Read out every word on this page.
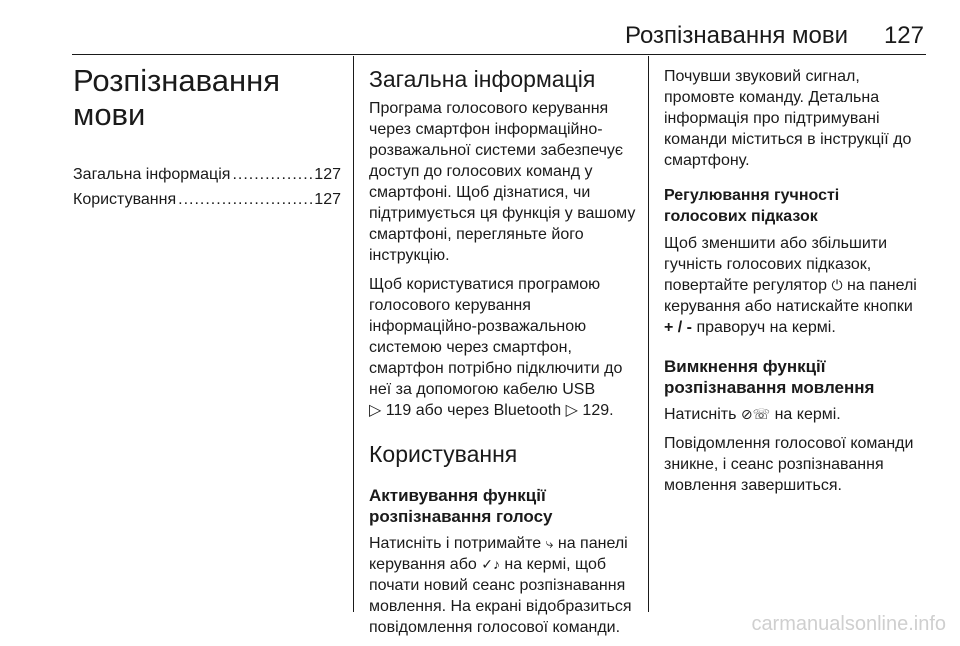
Розпізнавання мови 127
Розпізнавання мови
Загальна інформація .....	127
Користування .....	127
Загальна інформація

Програма голосового керування через смартфон інформаційно-розважальної системи забезпечує доступ до голосових команд у смартфоні. Щоб дізнатися, чи підтримується ця функція у вашому смартфоні, перегляньте його інструкцію.

Щоб користуватися програмою голосового керування інформаційно-розважальною системою через смартфон, смартфон потрібно підключити до неї за допомогою кабелю USB
▷ 119 або через Bluetooth ▷ 129.

Користування
Активування функції розпізнавання голосу

Натисніть і потримайте ⤷ на панелі керування або ✓♪ на кермі, щоб почати новий сеанс розпізнавання мовлення. На екрані відобразиться повідомлення голосової команди.

Почувши звуковий сигнал, промовте команду. Детальна інформація про підтримувані команди міститься в інструкції до смартфону.

Регулювання гучності голосових підказок

Щоб зменшити або збільшити гучність голосових підказок, повертайте регулятор ⏻ на панелі керування або натискайте кнопки + / - праворуч на кермі.

Вимкнення функції розпізнавання мовлення

Натисніть ⊘☏ на кермі.

Повідомлення голосової команди зникне, і сеанс розпізнавання мовлення завершиться.

carmanualsonline.info
